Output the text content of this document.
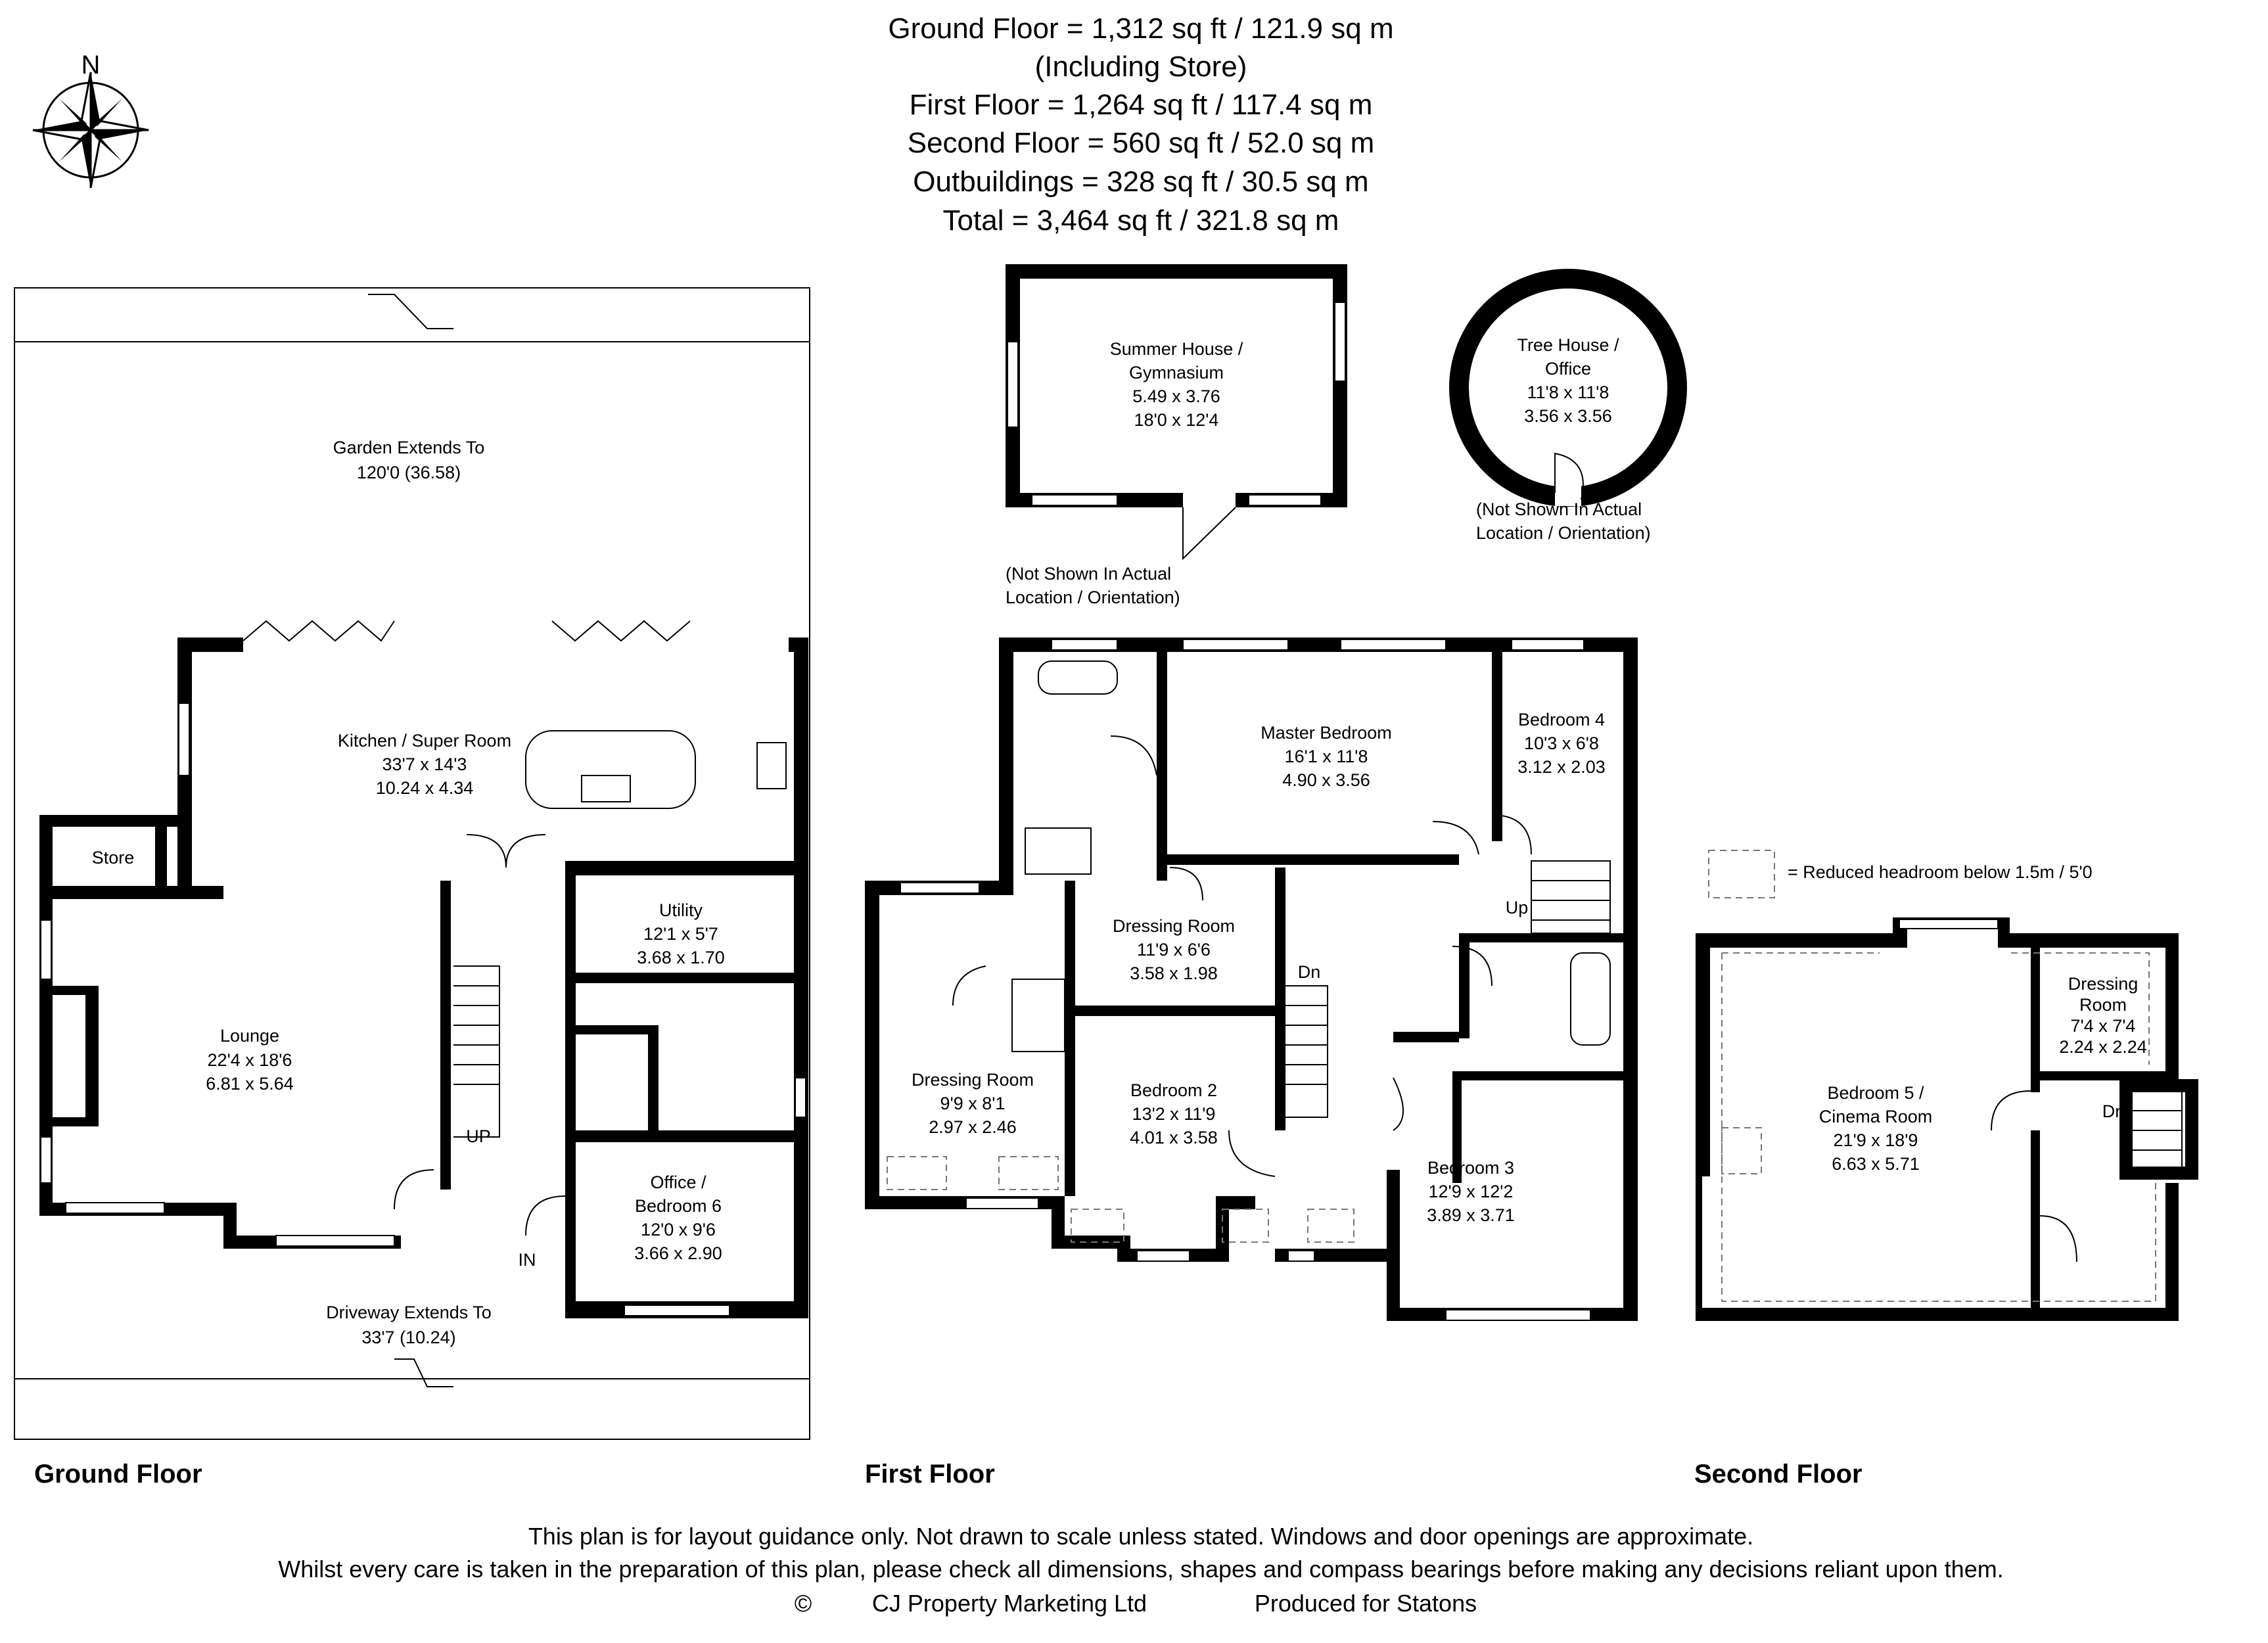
Ground Floor = 1,312 sq ft / 121.9 sq m
(Including Store)
First Floor = 1,264 sq ft / 117.4 sq m
Second Floor = 560 sq ft / 52.0 sq m
Outbuildings = 328 sq ft / 30.5 sq m
Total = 3,464 sq ft / 321.8 sq m
N
Garden Extends To
120'0 (36.58)
Kitchen / Super Room
33'7 x 14'3
10.24 x 4.34
Store
Lounge
22'4 x 18'6
6.81 x 5.64
Utility
12'1 x 5'7
3.68 x 1.70
Office /
Bedroom 6
12'0 x 9'6
3.66 x 2.90
UP
IN
Driveway Extends To
33'7 (10.24)
Summer House /
Gymnasium
5.49 x 3.76
18'0 x 12'4
(Not Shown In Actual
Location / Orientation)
Tree House /
Office
11'8 x 11'8
3.56 x 3.56
(Not Shown In Actual
Location / Orientation)
Master Bedroom
16'1 x 11'8
4.90 x 3.56
Bedroom 4
10'3 x 6'8
3.12 x 2.03
Dressing Room
11'9 x 6'6
3.58 x 1.98
Dressing Room
9'9 x 8'1
2.97 x 2.46
Bedroom 2
13'2 x 11'9
4.01 x 3.58
Bedroom 3
12'9 x 12'2
3.89 x 3.71
Dn
Up
= Reduced headroom below 1.5m / 5'0
Bedroom 5 /
Cinema Room
21'9 x 18'9
6.63 x 5.71
Dressing
Room
7'4 x 7'4
2.24 x 2.24
Dn
Ground Floor	First Floor	Second Floor
This plan is for layout guidance only. Not drawn to scale unless stated. Windows and door openings are approximate.
Whilst every care is taken in the preparation of this plan, please check all dimensions, shapes and compass bearings before making any decisions reliant upon them.
©	CJ Property Marketing Ltd	Produced for Statons
